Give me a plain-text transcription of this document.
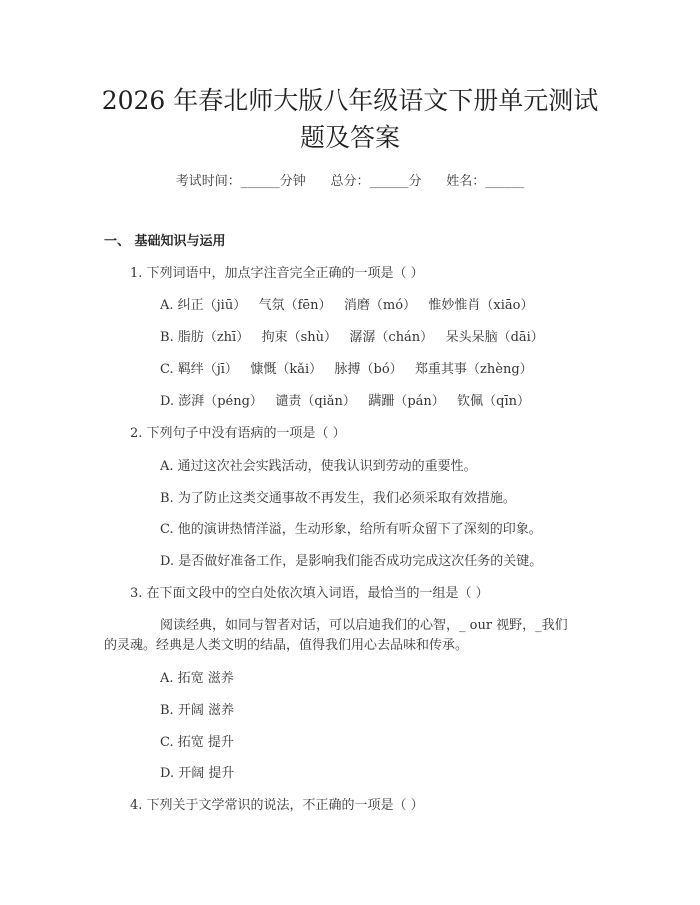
2026 年春北师大版八年级语文下册单元测试
题及答案
考试时间：______分钟      总分：______分      姓名：______
一、 基础知识与运用
1. 下列词语中，加点字注音完全正确的一项是（ ）
A. 纠正（jiū）   气氛（fēn）   消磨（mó）   惟妙惟肖（xiāo）
B. 脂肪（zhī）   拘束（shù）   潺潺（chán）   呆头呆脑（dāi）
C. 羁绊（jī）   慷慨（kǎi）   脉搏（bó）   郑重其事（zhèng）
D. 澎湃（péng）   谴责（qiǎn）   蹒跚（pán）   钦佩（qīn）
2. 下列句子中没有语病的一项是（ ）
A. 通过这次社会实践活动，使我认识到劳动的重要性。
B. 为了防止这类交通事故不再发生，我们必须采取有效措施。
C. 他的演讲热情洋溢，生动形象，给所有听众留下了深刻的印象。
D. 是否做好准备工作，是影响我们能否成功完成这次任务的关键。
3. 在下面文段中的空白处依次填入词语，最恰当的一组是（ ）
阅读经典，如同与智者对话，可以启迪我们的心智，_ our 视野，_我们
的灵魂。经典是人类文明的结晶，值得我们用心去品味和传承。
A. 拓宽 滋养
B. 开阔 滋养
C. 拓宽 提升
D. 开阔 提升
4. 下列关于文学常识的说法，不正确的一项是（ ）
